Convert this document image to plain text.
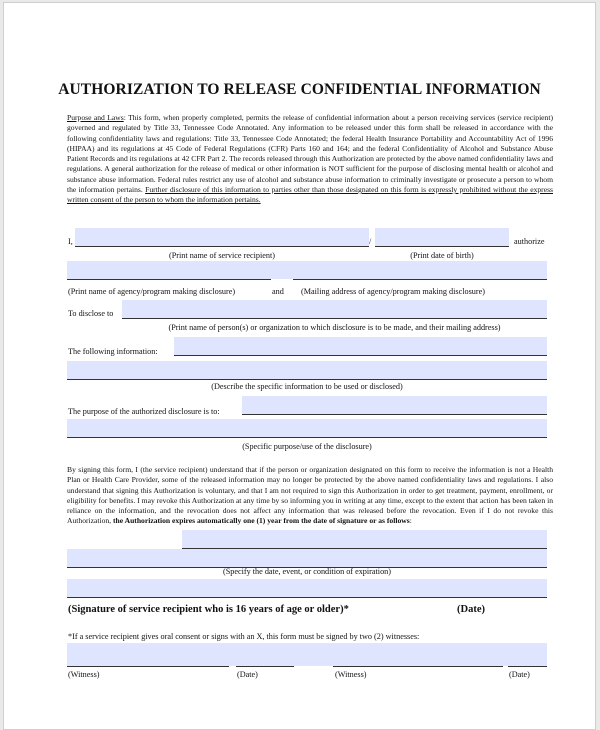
AUTHORIZATION TO RELEASE CONFIDENTIAL INFORMATION

Purpose and Laws: This form, when properly completed, permits the release of confidential information about a person receiving services (service recipient) governed and regulated by Title 33, Tennessee Code Annotated. Any information to be released under this form shall be released in accordance with the following confidentiality laws and regulations: Title 33, Tennessee Code Annotated; the federal Health Insurance Portability and Accountability Act of 1996 (HIPAA) and its regulations at 45 Code of Federal Regulations (CFR) Parts 160 and 164; and the federal Confidentiality of Alcohol and Substance Abuse Patient Records and its regulations at 42 CFR Part 2. The records released through this Authorization are protected by the above named confidentiality laws and regulations. A general authorization for the release of medical or other information is NOT sufficient for the purpose of disclosing mental health or alcohol and substance abuse information. Federal rules restrict any use of alcohol and substance abuse information to criminally investigate or prosecute a person to whom the information pertains. Further disclosure of this information to parties other than those designated on this form is expressly prohibited without the express written consent of the person to whom the information pertains.

I,	/	authorize
(Print name of service recipient)	(Print date of birth)
(Print name of agency/program making disclosure)	and (Mailing address of agency/program making disclosure)
To disclose to
(Print name of person(s) or organization to which disclosure is to be made, and their mailing address)
The following information:
(Describe the specific information to be used or disclosed)
The purpose of the authorized disclosure is to:
(Specific purpose/use of the disclosure)

By signing this form, I (the service recipient) understand that if the person or organization designated on this form to receive the information is not a Health Plan or Health Care Provider, some of the released information may no longer be protected by the above named confidentiality laws and regulations. I also understand that signing this Authorization is voluntary, and that I am not required to sign this Authorization in order to get treatment, payment, enrollment, or eligibility for benefits. I may revoke this Authorization at any time by so informing you in writing at any time, except to the extent that action has been taken in reliance on the information, and the revocation does not affect any information that was released before the revocation. Even if I do not revoke this Authorization, the Authorization expires automatically one (1) year from the date of signature or as follows:

(Specify the date, event, or condition of expiration)
(Signature of service recipient who is 16 years of age or older)*	(Date)
*If a service recipient gives oral consent or signs with an X, this form must be signed by two (2) witnesses:
(Witness)	(Date)	(Witness)	(Date)
